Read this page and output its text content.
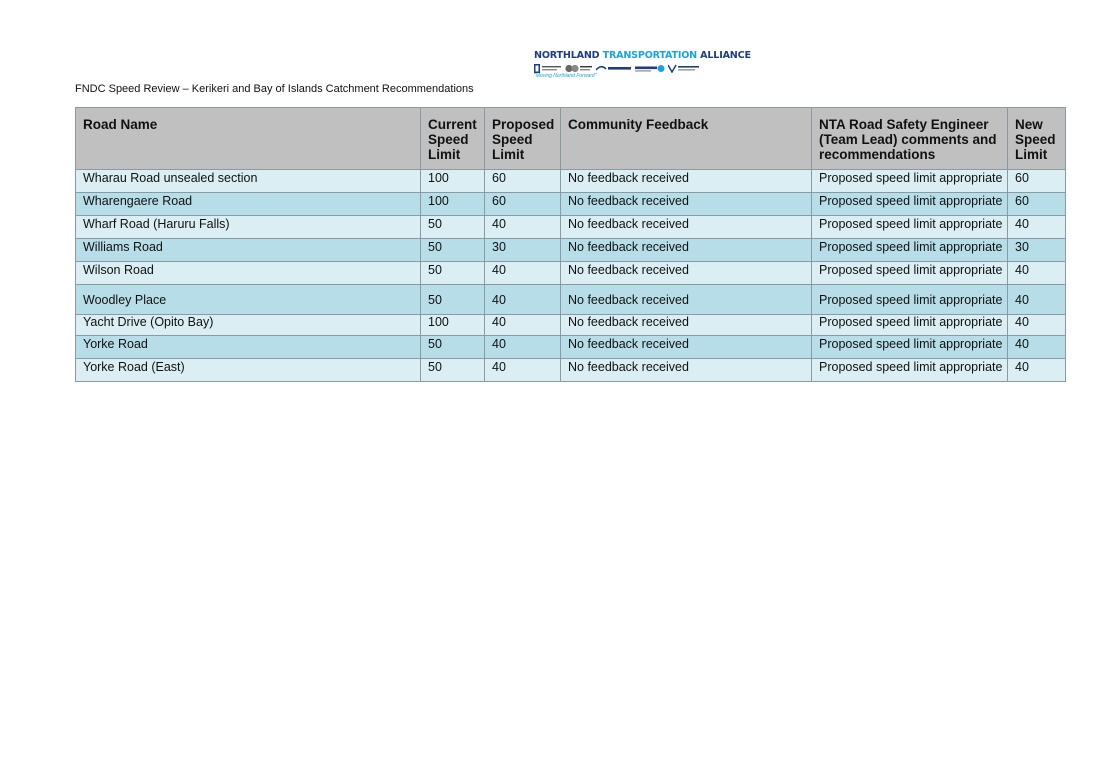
NORTHLAND TRANSPORTATION ALLIANCE
"Moving Northland Forward"
FNDC Speed Review – Kerikeri and Bay of Islands Catchment Recommendations
Road Name	Current Speed Limit	Proposed Speed Limit	Community Feedback	NTA Road Safety Engineer (Team Lead) comments and recommendations	New Speed Limit
Wharau Road unsealed section	100	60	No feedback received	Proposed speed limit appropriate	60
Wharengaere Road	100	60	No feedback received	Proposed speed limit appropriate	60
Wharf Road (Haruru Falls)	50	40	No feedback received	Proposed speed limit appropriate	40
Williams Road	50	30	No feedback received	Proposed speed limit appropriate	30
Wilson Road	50	40	No feedback received	Proposed speed limit appropriate	40
Woodley Place	50	40	No feedback received	Proposed speed limit appropriate	40
Yacht Drive (Opito Bay)	100	40	No feedback received	Proposed speed limit appropriate	40
Yorke Road	50	40	No feedback received	Proposed speed limit appropriate	40
Yorke Road (East)	50	40	No feedback received	Proposed speed limit appropriate	40
